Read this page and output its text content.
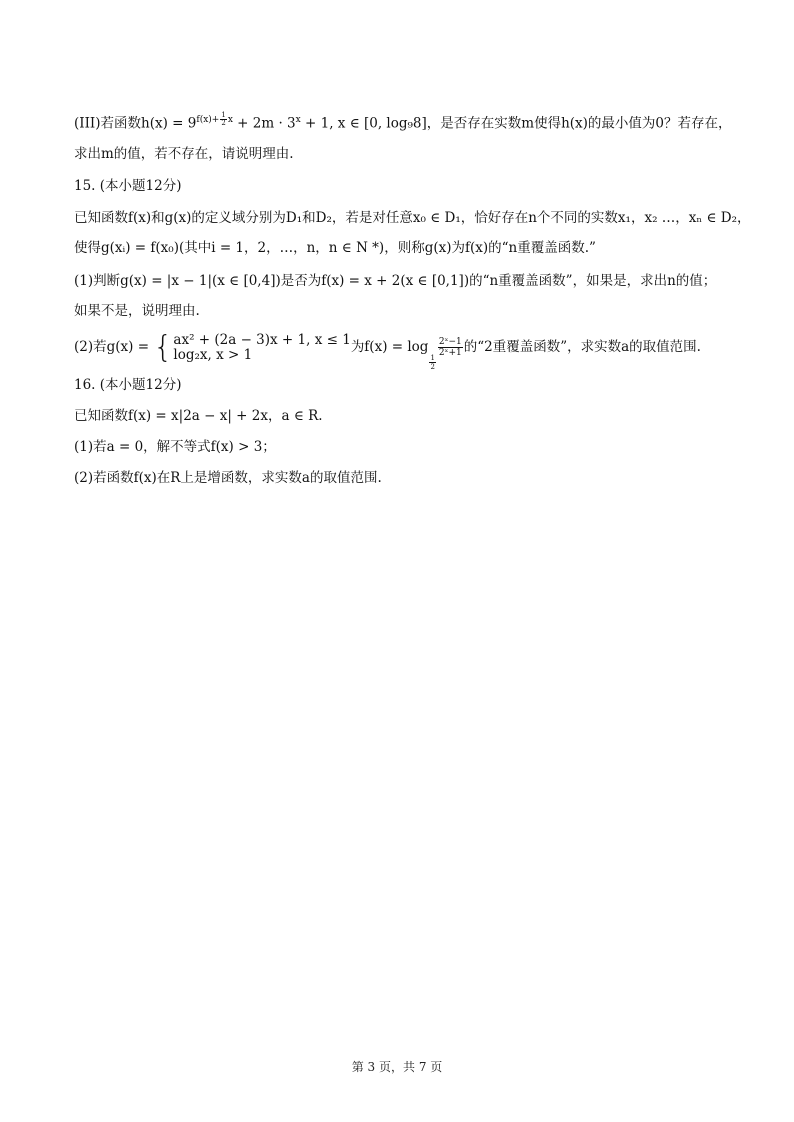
(III)若函数$h(x) = 9^{f(x)+ \frac{1}{2} x} + 2m \cdot 3^x + 1$, x ∈ [0, log₉8]，是否存在实数m使得h(x)的最小值为0？若存在，
求出m的值，若不存在，请说明理由.
15. (本小题12分)
已知函数f(x)和g(x)的定义域分别为D₁和D₂，若是对任意x₀ ∈ D₁，恰好存在n个不同的实数x₁，x₂ …，xₙ ∈ D₂，
使得g(xᵢ) = f(x₀)(其中i = 1，2，…，n，n ∈ N *)，则称g(x)为f(x)的“n重覆盖函数.”
(1)判断g(x) = |x − 1|(x ∈ [0,4])是否为f(x) = x + 2(x ∈ [0,1])的“n重覆盖函数”，如果是，求出n的值；
如果不是，说明理由.
(2)若g(x) = { ax² + (2a − 3)x + 1, x ≤ 1
log₂x, x > 1	为f(x) = log
$\frac{1}{2}$
$\frac{\text{2ˣ−1}}{\text{2ˣ+1}}$ 的“2重覆盖函数”，求实数a的取值范围.
16. (本小题12分)
已知函数f(x) = x|2a − x| + 2x，a ∈ R.
(1)若a = 0，解不等式f(x) > 3；
(2)若函数f(x)在R上是增函数，求实数a的取值范围.
第 3 页，共 7 页
